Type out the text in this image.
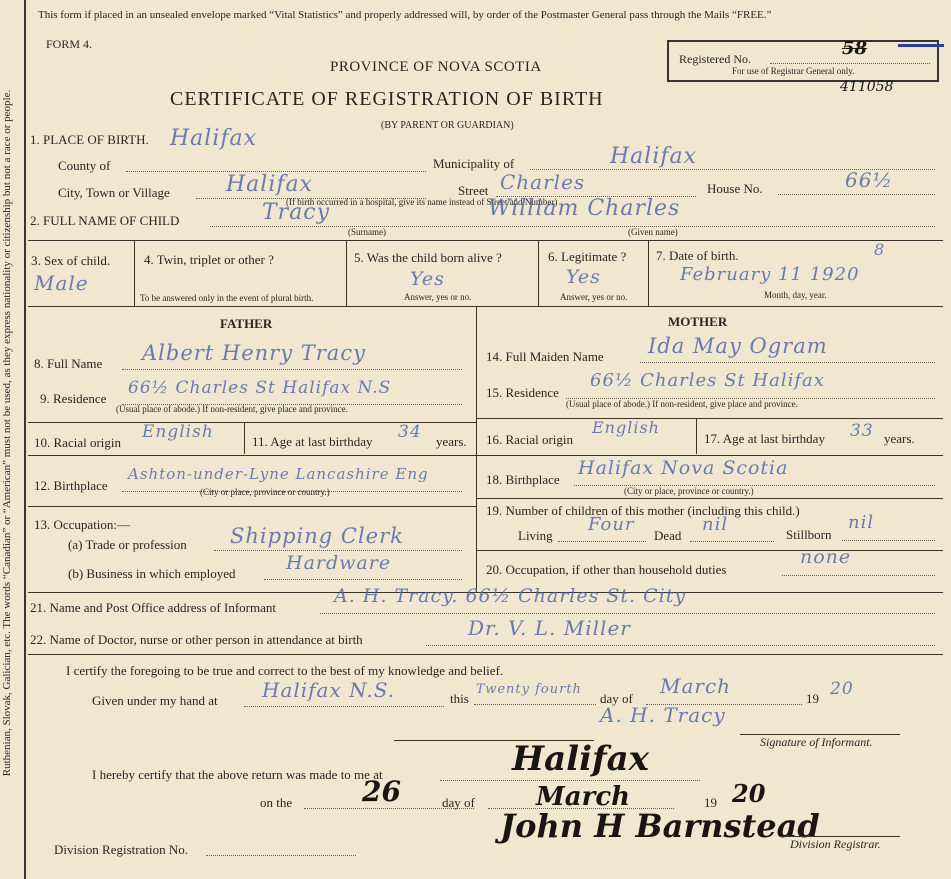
Ruthenian, Slovak, Galician, etc. The words “Canadian” or “American” must not be used, as they express nationality or citizenship but not a race or people.
This form if placed in an unsealed envelope marked “Vital Statistics” and properly addressed will, by order of the Postmaster General pass through the Mails “FREE.”
FORM 4.
PROVINCE OF NOVA SCOTIA
CERTIFICATE OF REGISTRATION OF BIRTH
(BY PARENT OR GUARDIAN)
Registered No.	58
For use of Registrar General only.
411058
1. PLACE OF BIRTH. Halifax
County of	Municipality of	Halifax
City, Town or Village	Halifax	Street Charles	House No.	66½
(If birth occurred in a hospital, give its name instead of Street and Number)
2. FULL NAME OF CHILD	Tracy	William Charles
(Surname)	(Given name)
3. Sex of child.
Male
4. Twin, triplet or other ?
To be answered only in the event of plural birth.
5. Was the child born alive ?
Yes
Answer, yes or no.
6. Legitimate ?
Yes
Answer, yes or no.
7. Date of birth.	8
February 11 1920
Month, day, year.
FATHER	MOTHER
8. Full Name Albert Henry Tracy
9. Residence
66½ Charles St Halifax N.S
(Usual place of abode.) If non-resident, give place and province.
10. Racial origin
English	11. Age at last birthday 34 years.
12. Birthplace
Ashton-under-Lyne Lancashire Eng
(City or place, province or country.)
13. Occupation:—
(a) Trade or profession Shipping Clerk
(b) Business in which employed	Hardware
14. Full Maiden Name Ida May Ogram
15. Residence
66½ Charles St Halifax
(Usual place of abode.) If non-resident, give place and province.
16. Racial origin
English
17. Age at last birthday 33 years.
18. Birthplace
Halifax Nova Scotia
(City or place, province or country.)
19. Number of children of this mother (including this child.)
Living
Four
Dead
nil	Stillborn
nil
20. Occupation, if other than household duties
none
21. Name and Post Office address of Informant
A. H. Tracy. 66½ Charles St. City
22. Name of Doctor, nurse or other person in attendance at birth	Dr. V. L. Miller
I certify the foregoing to be true and correct to the best of my knowledge and belief.
Given under my hand at Halifax N.S.	this
Twenty fourth
day of
March
19 20
A. H. Tracy
Signature of Informant.
I hereby certify that the above return was made to me at	Halifax
on the 26	day of March	19 20
Division Registration No.
John H Barnstead
Division Registrar.
